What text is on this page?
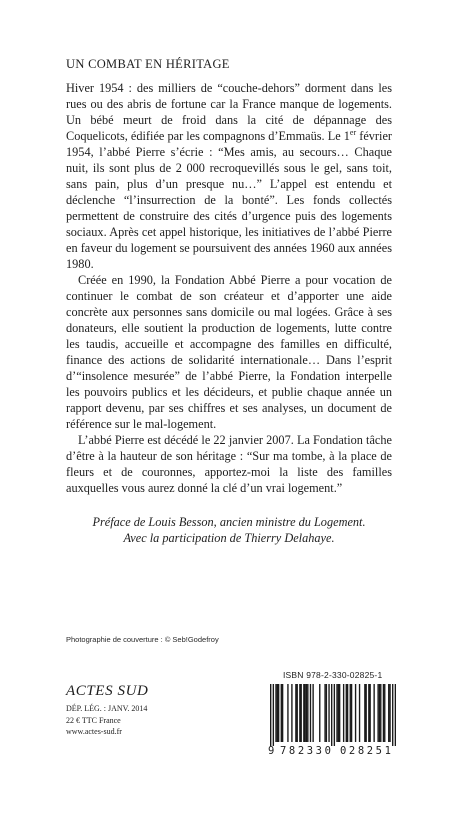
UN COMBAT EN HÉRITAGE

Hiver 1954 : des milliers de “couche-dehors” dorment dans les rues ou des abris de fortune car la France manque de logements. Un bébé meurt de froid dans la cité de dépannage des Coquelicots, édifiée par les compagnons d’Emmaüs. Le 1er février 1954, l’abbé Pierre s’écrie : “Mes amis, au secours… Chaque nuit, ils sont plus de 2 000 recroquevillés sous le gel, sans toit, sans pain, plus d’un presque nu…” L’appel est entendu et déclenche “l’insurrection de la bonté”. Les fonds collectés permettent de construire des cités d’urgence puis des logements sociaux. Après cet appel historique, les initiatives de l’abbé Pierre en faveur du logement se poursuivent des années 1960 aux années 1980.

Créée en 1990, la Fondation Abbé Pierre a pour vocation de continuer le combat de son créateur et d’apporter une aide concrète aux personnes sans domicile ou mal logées. Grâce à ses donateurs, elle soutient la production de logements, lutte contre les taudis, accueille et accompagne des familles en difficulté, finance des actions de solidarité internationale… Dans l’esprit d’“insolence mesurée” de l’abbé Pierre, la Fondation interpelle les pouvoirs publics et les décideurs, et publie chaque année un rapport devenu, par ses chiffres et ses analyses, un document de référence sur le mal-logement.

L’abbé Pierre est décédé le 22 janvier 2007. La Fondation tâche d’être à la hauteur de son héritage : “Sur ma tombe, à la place de fleurs et de couronnes, apportez-moi la liste des familles auxquelles vous aurez donné la clé d’un vrai logement.”

Préface de Louis Besson, ancien ministre du Logement.
Avec la participation de Thierry Delahaye.
Photographie de couverture : © Seb!Godefroy
ACTES SUD
DÉP. LÉG. : JANV. 2014
22 € TTC France
www.actes-sud.fr
ISBN 978-2-330-02825-1
9 782330 028251
